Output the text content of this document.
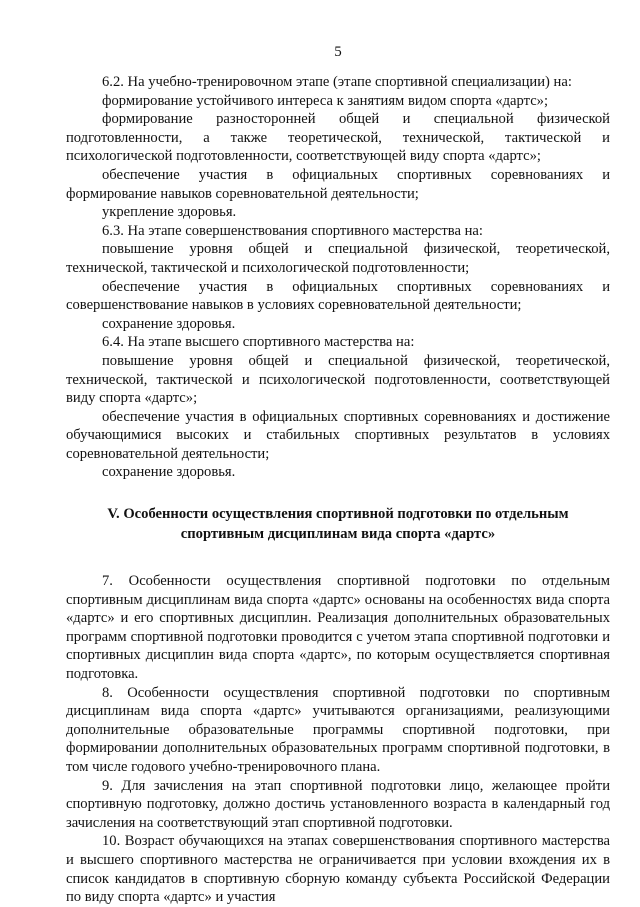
5

6.2. На учебно-тренировочном этапе (этапе спортивной специализации) на:

формирование устойчивого интереса к занятиям видом спорта «дартс»;

формирование разносторонней общей и специальной физической подготовленности, а также теоретической, технической, тактической и психологической подготовленности, соответствующей виду спорта «дартс»;

обеспечение участия в официальных спортивных соревнованиях и формирование навыков соревновательной деятельности;

укрепление здоровья.

6.3. На этапе совершенствования спортивного мастерства на:

повышение уровня общей и специальной физической, теоретической, технической, тактической и психологической подготовленности;

обеспечение участия в официальных спортивных соревнованиях и совершенствование навыков в условиях соревновательной деятельности;

сохранение здоровья.

6.4. На этапе высшего спортивного мастерства на:

повышение уровня общей и специальной физической, теоретической, технической, тактической и психологической подготовленности, соответствующей виду спорта «дартс»;

обеспечение участия в официальных спортивных соревнованиях и достижение обучающимися высоких и стабильных спортивных результатов в условиях соревновательной деятельности;

сохранение здоровья.

V. Особенности осуществления спортивной подготовки по отдельным спортивным дисциплинам вида спорта «дартс»

7. Особенности осуществления спортивной подготовки по отдельным спортивным дисциплинам вида спорта «дартс» основаны на особенностях вида спорта «дартс» и его спортивных дисциплин. Реализация дополнительных образовательных программ спортивной подготовки проводится с учетом этапа спортивной подготовки и спортивных дисциплин вида спорта «дартс», по которым осуществляется спортивная подготовка.

8. Особенности осуществления спортивной подготовки по спортивным дисциплинам вида спорта «дартс» учитываются организациями, реализующими дополнительные образовательные программы спортивной подготовки, при формировании дополнительных образовательных программ спортивной подготовки, в том числе годового учебно-тренировочного плана.

9. Для зачисления на этап спортивной подготовки лицо, желающее пройти спортивную подготовку, должно достичь установленного возраста в календарный год зачисления на соответствующий этап спортивной подготовки.

10. Возраст обучающихся на этапах совершенствования спортивного мастерства и высшего спортивного мастерства не ограничивается при условии вхождения их в список кандидатов в спортивную сборную команду субъекта Российской Федерации по виду спорта «дартс» и участия
